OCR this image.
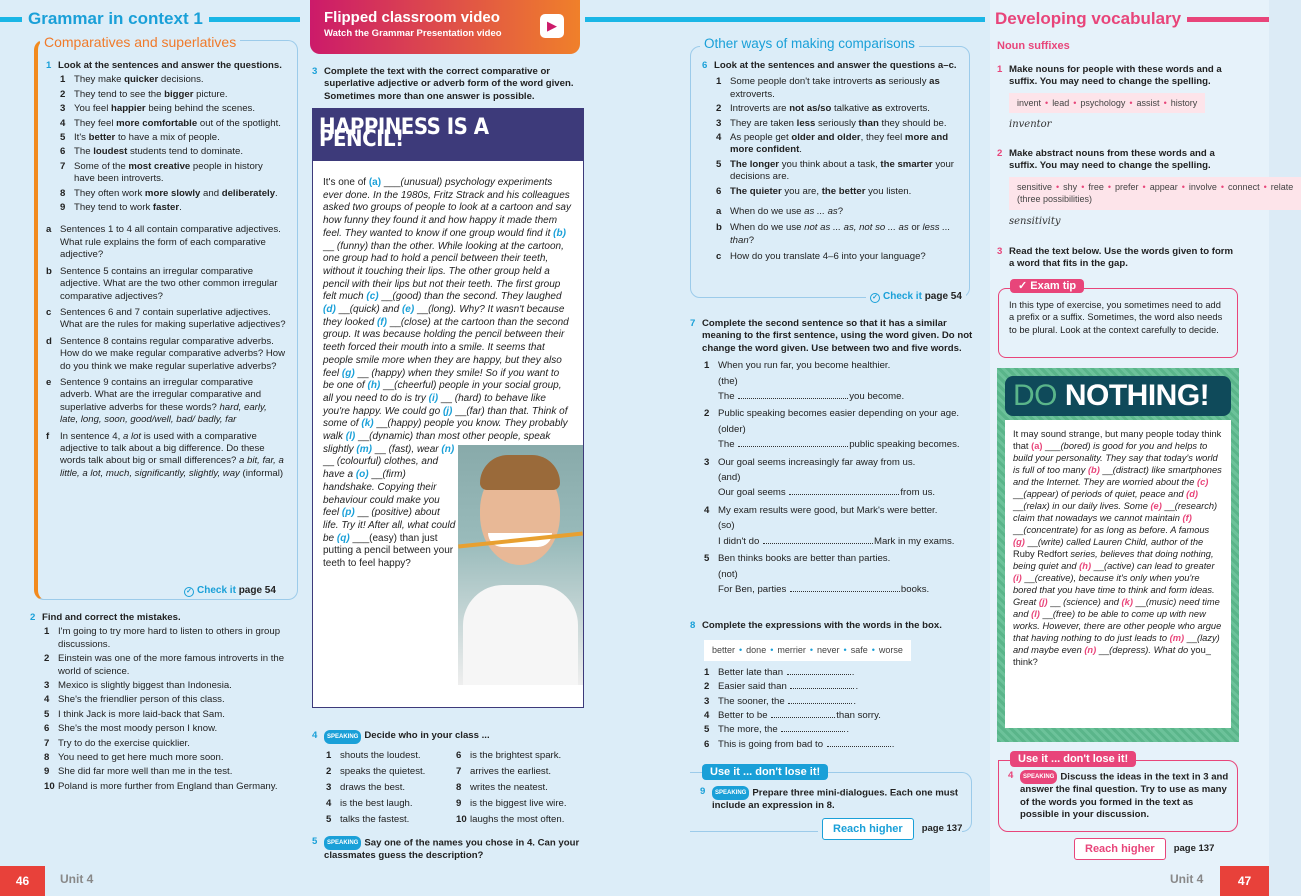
Grammar in context 1
Comparatives and superlatives
1 Look at the sentences and answer the questions.
1 They make quicker decisions.
2 They tend to see the bigger picture.
3 You feel happier being behind the scenes.
4 They feel more comfortable out of the spotlight.
5 It's better to have a mix of people.
6 The loudest students tend to dominate.
7 Some of the most creative people in history have been introverts.
8 They often work more slowly and deliberately.
9 They tend to work faster.
a Sentences 1 to 4 all contain comparative adjectives. What rule explains the form of each comparative adjective?
b Sentence 5 contains an irregular comparative adjective. What are the two other common irregular comparative adjectives?
c Sentences 6 and 7 contain superlative adjectives. What are the rules for making superlative adjectives?
d Sentence 8 contains regular comparative adverbs. How do we make regular comparative adverbs? How do you think we make regular superlative adverbs?
e Sentence 9 contains an irregular comparative adverb. What are the irregular comparative and superlative adverbs for these words? hard, early, late, long, soon, good/well, bad/ badly, far
f	In sentence 4, a lot is used with a comparative adjective to talk about a big difference. Do these words talk about big or small differences? a bit, far, a little, a lot, much, significantly, slightly, way (informal)
✓ Check it page 54
2 Find and correct the mistakes.
1 I'm going to try more hard to listen to others in group discussions.
2 Einstein was one of the more famous introverts in the world of science.
3 Mexico is slightly biggest than Indonesia.
4 She's the friendlier person of this class.
5 I think Jack is more laid-back that Sam.
6 She's the most moody person I know.
7 Try to do the exercise quicklier.
8 You need to get here much more soon.
9 She did far more well than me in the test.
10 Poland is more further from England than Germany.
Flipped classroom video
Watch the Grammar Presentation video
▶
3 Complete the text with the correct comparative or superlative adjective or adverb form of the word given. Sometimes more than one answer is possible.
HAPPINESS IS A PENCIL!
It's one of (a) ___(unusual) psychology experiments ever done. In the 1980s, Fritz Strack and his colleagues asked two groups of people to look at a cartoon and say how funny they found it and how happy it made them feel. They wanted to know if one group would find it (b) __ (funny) than the other. While looking at the cartoon, one group had to hold a pencil between their teeth, without it touching their lips. The other group held a pencil with their lips but not their teeth. The first group felt much (c) __(good) than the second. They laughed (d) __(quick) and (e) __(long). Why? It wasn't because they looked (f) __(close) at the cartoon than the second group. It was because holding the pencil between their teeth forced their mouth into a smile. It seems that people smile more when they are happy, but they also feel (g) __ (happy) when they smile! So if you want to be one of (h) __(cheerful) people in your social group, all you need to do is try (i) __ (hard) to behave like you're happy. We could go (j) __(far) than that. Think of some of (k) __(happy) people you know. They probably walk (l) __(dynamic) than most other people, speak slightly (m) __ (fast), wear (n) __ (colourful) clothes, and have a (o) __(firm) handshake. Copying their behaviour could make you feel (p) __ (positive) about life. Try it! After all, what could be (q) ___(easy) than just putting a pencil between your teeth to feel happy?
4	SPEAKING Decide who in your class ...
1 shouts the loudest.
2 speaks the quietest.
3 draws the best.
4 is the best laugh.
5 talks the fastest.
6 is the brightest spark.
7 arrives the earliest.
8 writes the neatest.
9 is the biggest live wire.
10 laughs the most often.
5	SPEAKING Say one of the names you chose in 4. Can your classmates guess the description?
Other ways of making comparisons
6 Look at the sentences and answer the questions a–c.
1 Some people don't take introverts as seriously as extroverts.
2 Introverts are not as/so talkative as extroverts.
3 They are taken less seriously than they should be.
4 As people get older and older, they feel more and more confident.
5 The longer you think about a task, the smarter your decisions are.
6 The quieter you are, the better you listen.
a When do we use as ... as?
b When do we use not as ... as, not so ... as or less ... than?
c How do you translate 4–6 into your language?
✓ Check it page 54
7 Complete the second sentence so that it has a similar meaning to the first sentence, using the word given. Do not change the word given. Use between two and five words.
1 When you run far, you become healthier.
(the)
The	you become.
2 Public speaking becomes easier depending on your age.
(older)
The	public speaking becomes.
3 Our goal seems increasingly far away from us.
(and)
Our goal seems	from us.
4 My exam results were good, but Mark's were better.
(so)
I didn't do	Mark in my exams.
5 Ben thinks books are better than parties.
(not)
For Ben, parties	books.
8 Complete the expressions with the words in the box.
better • done • merrier • never • safe • worse
1 Better late than	.
2 Easier said than	.
3 The sooner, the	.
4 Better to be	than sorry.
5 The more, the	.
6 This is going from bad to	.
Use it ... don't lose it!
9	SPEAKING Prepare three mini-dialogues. Each one must include an expression in 8.
Reach higher	page 137
Developing vocabulary
Noun suffixes
1 Make nouns for people with these words and a suffix. You may need to change the spelling.
invent • lead • psychology • assist • history
inventor
2 Make abstract nouns from these words and a suffix. You may need to change the spelling.
sensitive • shy • free • prefer • appear • involve • connect • relate (three possibilities)
sensitivity
3 Read the text below. Use the words given to form a word that fits in the gap.
In this type of exercise, you sometimes need to add a prefix or a suffix. Sometimes, the word also needs to be plural. Look at the context carefully to decide.
✓ Exam tip
DO NOTHING!
It may sound strange, but many people today think that (a) ___(bored) is good for you and helps to build your personality. They say that today's world is full of too many (b) __(distract) like smartphones and the Internet. They are worried about the (c) __(appear) of periods of quiet, peace and (d) __(relax) in our daily lives. Some (e) __(research) claim that nowadays we cannot maintain (f) __(concentrate) for as long as before. A famous (g) __(write) called Lauren Child, author of the Ruby Redfort series, believes that doing nothing, being quiet and (h) __(active) can lead to greater (i) __(creative), because it's only when you're bored that you have time to think and form ideas. Great (j) __ (science) and (k) __(music) need time and (l) __(free) to be able to come up with new works. However, there are other people who argue that having nothing to do just leads to (m) __(lazy) and maybe even (n) __(depress). What do you_ think?
Use it ... don't lose it!
4	SPEAKING Discuss the ideas in the text in 3 and answer the final question. Try to use as many of the words you formed in the text as possible in your discussion.
Reach higher	page 137
46	Unit 4	47
Unit 4
